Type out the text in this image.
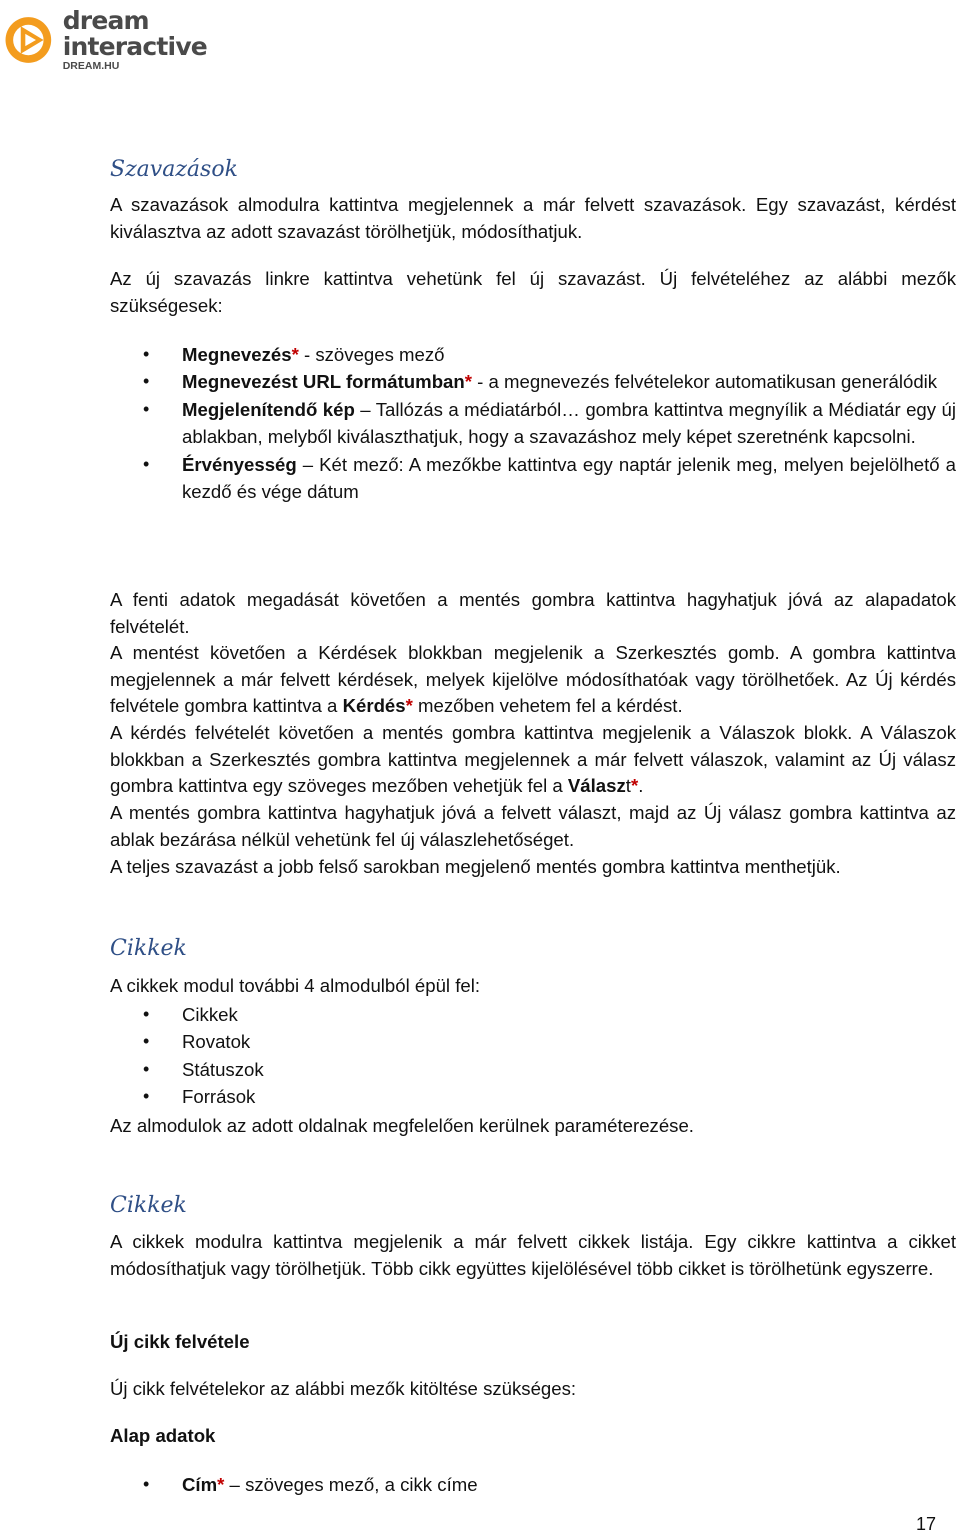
dream interactive
DREAM.HU
Szavazások

A szavazások almodulra kattintva megjelennek a már felvett szavazások. Egy szavazást, kérdést kiválasztva az adott szavazást törölhetjük, módosíthatjuk.

Az új szavazás linkre kattintva vehetünk fel új szavazást. Új felvételéhez az alábbi mezők szükségesek:

• Megnevezés* - szöveges mező
• Megnevezést URL formátumban* - a megnevezés felvételekor automatikusan generálódik
• Megjelenítendő kép – Tallózás a médiatárból… gombra kattintva megnyílik a Médiatár egy új ablakban, melyből kiválaszthatjuk, hogy a szavazáshoz mely képet szeretnénk kapcsolni.
• Érvényesség – Két mező: A mezőkbe kattintva egy naptár jelenik meg, melyen bejelölhető a kezdő és vége dátum

A fenti adatok megadását követően a mentés gombra kattintva hagyhatjuk jóvá az alapadatok felvételét.

A mentést követően a Kérdések blokkban megjelenik a Szerkesztés gomb. A gombra kattintva megjelennek a már felvett kérdések, melyek kijelölve módosíthatóak vagy törölhetőek. Az Új kérdés felvétele gombra kattintva a Kérdés* mezőben vehetem fel a kérdést.

A kérdés felvételét követően a mentés gombra kattintva megjelenik a Válaszok blokk. A Válaszok blokkban a Szerkesztés gombra kattintva megjelennek a már felvett válaszok, valamint az Új válasz gombra kattintva egy szöveges mezőben vehetjük fel a Választ*.

A mentés gombra kattintva hagyhatjuk jóvá a felvett választ, majd az Új válasz gombra kattintva az ablak bezárása nélkül vehetünk fel új válaszlehetőséget.

A teljes szavazást a jobb felső sarokban megjelenő mentés gombra kattintva menthetjük.

Cikkek

A cikkek modul további 4 almodulból épül fel:

• Cikkek
• Rovatok
• Státuszok
• Források

Az almodulok az adott oldalnak megfelelően kerülnek paraméterezése.

Cikkek

A cikkek modulra kattintva megjelenik a már felvett cikkek listája. Egy cikkre kattintva a cikket módosíthatjuk vagy törölhetjük. Több cikk együttes kijelölésével több cikket is törölhetünk egyszerre.

Új cikk felvétele

Új cikk felvételekor az alábbi mezők kitöltése szükséges:

Alap adatok

• Cím* – szöveges mező, a cikk címe
17
